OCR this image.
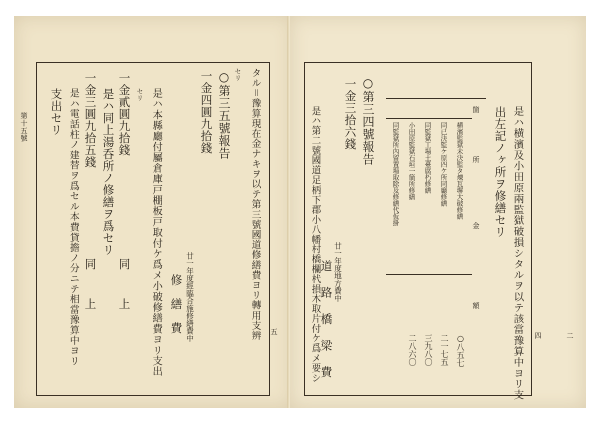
第十五號
五
タル＝豫算現在金ナキヲ以テ第三號國道修繕費ヨリ轉用支辨
セリ
○第三五號報告
一金四圓九拾錢
廿一年度經臨合施修繕費中
修　繕　費
是ハ本縣廳付屬倉庫戸棚板戸取付ケ爲メ小破修繕費ヨリ支出
セリ
一金貳圓九拾錢
同
上
是ハ同上湯呑所ノ修繕ヲ爲セリ
一金三圓九拾五錢
同
上
是ハ電話柱ノ建替ヲ爲セル本費貸擔ノ分ニテ相當豫算中ヨリ
支出セリ
四	二
是ハ横濱及小田原兩監獄破損シタルヲ以テ該當豫算中ヨリ支
出左記ノヶ所ヲ修繕セリ
箇
所
金
額
横濱監獄未決監タ煉瓦塀大破修繕
○八五七
同已決監ケ原四ケ所同廳修繕
二一七五
同監獄工場土臺腐朽修繕
三九八〇
小田原監獄石垣一箇所修繕
二八六〇
同監獄所內留置場取除及修繕代仮掛
○第三四號報告
一金三拾六錢
廿一年度地方費中
道 路 橋 梁 費
是ハ第二號國道足柄下郡小八幡村橋欄杙損木取片付ケ爲メ要シ
